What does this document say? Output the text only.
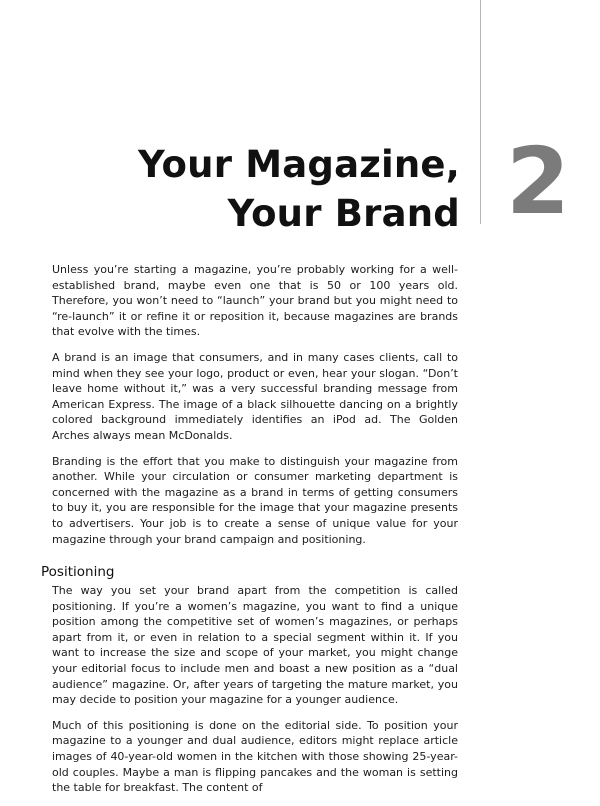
Your Magazine,
Your Brand 2

Unless you’re starting a magazine, you’re probably working for a well-established brand, maybe even one that is 50 or 100 years old. Therefore, you won’t need to “launch” your brand but you might need to “re-launch” it or refine it or reposition it, because magazines are brands that evolve with the times.

A brand is an image that consumers, and in many cases clients, call to mind when they see your logo, product or even, hear your slogan. “Don’t leave home without it,” was a very successful branding message from American Express. The image of a black silhouette dancing on a brightly colored background immediately identifies an iPod ad. The Golden Arches always mean McDonalds.

Branding is the effort that you make to distinguish your magazine from another. While your circulation or consumer marketing department is concerned with the magazine as a brand in terms of getting consumers to buy it, you are responsible for the image that your magazine presents to advertisers. Your job is to create a sense of unique value for your magazine through your brand campaign and positioning.

Positioning

The way you set your brand apart from the competition is called positioning. If you’re a women’s magazine, you want to find a unique position among the competitive set of women’s magazines, or perhaps apart from it, or even in relation to a special segment within it. If you want to increase the size and scope of your market, you might change your editorial focus to include men and boast a new position as a “dual audience” magazine. Or, after years of targeting the mature market, you may decide to position your magazine for a younger audience.

Much of this positioning is done on the editorial side. To position your magazine to a younger and dual audience, editors might replace article images of 40-year-old women in the kitchen with those showing 25-year-old couples. Maybe a man is flipping pancakes and the woman is setting the table for breakfast. The content of
